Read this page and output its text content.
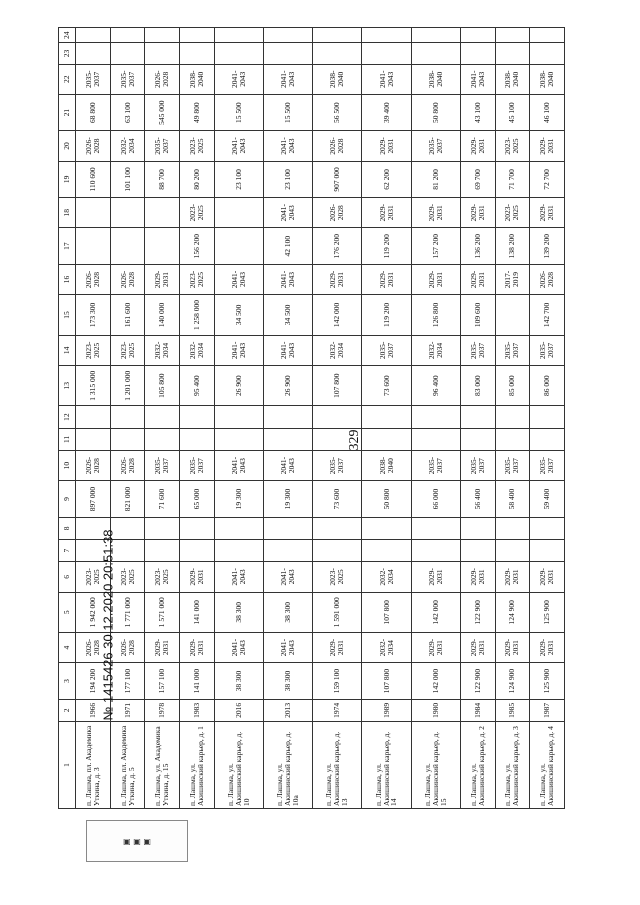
329
1	2	3	4	5	6	7	8	9	10	11	12	13	14	15	16	17	18	19	20	21	22	23	24
п. Лашма, пл. Академика Уткина, д. 3	1966	194 200	2026-2028	1 942 000	2023-2025			897 000	2026-2028			1 315 000	2023-2025	173 300	2026-2028			110 600	2026-2028	68 800	2035-2037		
п. Лашма, пл. Академика Уткина, д. 5	1971	177 100	2026-2028	1 771 000	2023-2025			821 000	2026-2028			1 201 000	2023-2025	161 600	2026-2028			101 100	2032-2034	63 100	2035-2037		
п. Лашма, ул. Академика Уткина, д. 15	1978	157 100	2029-2031	1 571 000	2023-2025			71 600	2035-2037			105 800	2032-2034	140 000	2029-2031			88 700	2035-2037	545 000	2026-2028		
п. Лашма, ул. Акишинский карьер, д. 1	1983	141 000	2029-2031	141 000	2029-2031			65 000	2035-2037			95 400	2032-2034	1 258 000	2023-2025	156 200	2023-2025	80 200	2023-2025	49 800	2038-2040		
п. Лашма, ул. Акишинский карьер, д. 10	2016	38 300	2041-2043	38 300	2041-2043			19 300	2041-2043			26 900	2041-2043	34 500	2041-2043			23 100	2041-2043	15 500	2041-2043		
п. Лашма, ул. Акишинский карьер, д. 10а	2013	38 300	2041-2043	38 300	2041-2043			19 300	2041-2043			26 900	2041-2043	34 500	2041-2043	42 100	2041-2043	23 100	2041-2043	15 500	2041-2043		
п. Лашма, ул. Акишинский карьер, д. 13	1974	159 100	2029-2031	1 591 000	2023-2025			73 600	2035-2037			107 800	2032-2034	142 000	2029-2031	176 200	2026-2028	907 000	2026-2028	56 500	2038-2040		
п. Лашма, ул. Акишинский карьер, д. 14	1989	107 800	2032-2034	107 800	2032-2034			50 800	2038-2040			73 600	2035-2037	119 200	2029-2031	119 200	2029-2031	62 200	2029-2031	39 400	2041-2043		
п. Лашма, ул. Акишинский карьер, д. 15	1980	142 000	2029-2031	142 000	2029-2031			66 000	2035-2037			96 400	2032-2034	126 800	2029-2031	157 200	2029-2031	81 200	2035-2037	50 800	2038-2040		
п. Лашма, ул. Акишинский карьер, д. 2	1984	122 900	2029-2031	122 900	2029-2031			56 400	2035-2037			83 000	2035-2037	109 600	2029-2031	136 200	2029-2031	69 700	2029-2031	43 100	2041-2043		
п. Лашма, ул. Акишинский карьер, д. 3	1985	124 900	2029-2031	124 900	2029-2031			58 400	2035-2037			85 000	2035-2037		2017-2019	138 200	2023-2025	71 700	2023-2025	45 100	2038-2040		
п. Лашма, ул. Акишинский карьер, д. 4	1987	125 900	2029-2031	125 900	2029-2031			59 400	2035-2037			86 000	2035-2037	142 700	2026-2028	139 200	2029-2031	72 700	2029-2031	46 100	2038-2040		
▣ ▣ ▣
№ 1415426 30.12.2020 20:51:38
